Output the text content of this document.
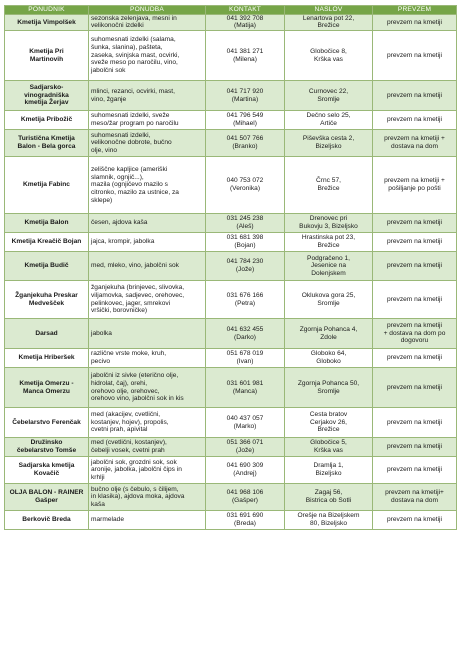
PONUDNIK	PONUDBA	KONTAKT	NASLOV	PREVZEM

Kmetija Vimpolšek	sezonska zelenjava, mesni in
velikonočni izdelki	041 392 708
(Matija)	Lenartova pot 22,
Brežice	prevzem na kmetiji

Kmetija Pri
Martinovih	suhomesnati izdelki (salama,
šunka, slanina), pašteta,
zaseka, svinjska mast, ocvirki,
sveže meso po naročilu, vino,
jabolčni sok	041 381 271
(Milena)	Globočice 8,
Krška vas	prevzem na kmetiji

Sadjarsko-
vinogradniška
kmetija Žerjav	mlinci, rezanci, ocvirki, mast,
vino, žganje	041 717 920
(Martina)	Curnovec 22,
Sromlje	prevzem na kmetiji

Kmetija Pribožič	suhomesnati izdelki, sveže
meso/žar program po naročilu	041 796 549
(Mihael)	Dečno selo 25,
Artiče	prevzem na kmetiji

Turistična Kmetija
Balon - Bela gorca	suhomesnati izdelki,
velikonočne dobrote, bučno
olje, vino	041 507 766
(Branko)	Piševška cesta 2,
Bizeljsko	prevzem na kmetiji +
dostava na dom

Kmetija Fabinc	zeliščne kapljice (ameriški
slamnik, ognjič...),
mazila (ognjičevo mazilo s
citronko, mazilo za ustnice, za
sklepe)	040 753 072
(Veronika)	Črnc 57,
Brežice	prevzem na kmetiji +
pošiljanje po pošti

Kmetija Balon	česen, ajdova kaša	031 245 238
(Aleš)	Drenovec pri
Bukovju 3, Bizeljsko	prevzem na kmetiji

Kmetija Kreačič Bojan	jajca, krompir, jabolka	031 681 398
(Bojan)	Hrastinska pot 23,
Brežice	prevzem na kmetiji

Kmetija Budič	med, mleko, vino, jabolčni sok	041 784 230
(Jože)	Podgračeno 1,
Jesenice na
Dolenjskem	prevzem na kmetiji

Žganjekuha Preskar
Medvešček	žganjekuha (brinjevec, slivovka,
viljamovka, sadjevec, orehovec,
pelinkovec, jager, smrekovi
vršički, borovničke)	031 676 166
(Petra)	Oklukova gora 25,
Sromlje	prevzem na kmetiji

Darsad	jabolka	041 632 455
(Darko)	Zgornja Pohanca 4,
Zdole	prevzem na kmetiji
+ dostava na dom po
dogovoru

Kmetija Hriberšek	različne vrste moke, kruh,
pecivo	051 678 019
(Ivan)	Globoko 64,
Globoko	prevzem na kmetiji

Kmetija Omerzu -
Manca Omerzu	jabolčni iz sivke (eterično olje,
hidrolat, čaj), orehi,
orehovo olje, orehovec,
orehovo vino, jabolčni sok in kis	031 601 981
(Manca)	Zgornja Pohanca 50,
Sromlje	prevzem na kmetiji

Čebelarstvo Ferenčak	med (akacijev, cvetlični,
kostanjev, hojev), propolis,
cvetni prah, apivital	040 437 057
(Marko)	Cesta bratov
Cerjakov 26,
Brežice	prevzem na kmetiji

Družinsko
čebelarstvo Tomše	med (cvetlični, kostanjev),
čebelji vosek, cvetni prah	051 366 071
(Jože)	Globočice 5,
Krška vas	prevzem na kmetiji

Sadjarska kmetija
Kovačič	jabolčni sok, grozdni sok, sok
aronije, jabolka, jabolčni čips in
krhlji	041 690 309
(Andrej)	Dramlja 1,
Bizeljsko	prevzem na kmetiji

OLJA BALON - RAINER
Gašper	bučno olje (s čebulo, s čilijem,
in klasika), ajdova moka, ajdova
kaša	041 968 106
(Gašper)	Zagaj 56,
Bistrica ob Sotli	prevzem na kmetiji+
dostava na dom

Berkovič Breda	marmelade	031 691 690
(Breda)	Orešje na Bizeljskem
80, Bizeljsko	prevzem na kmetiji
